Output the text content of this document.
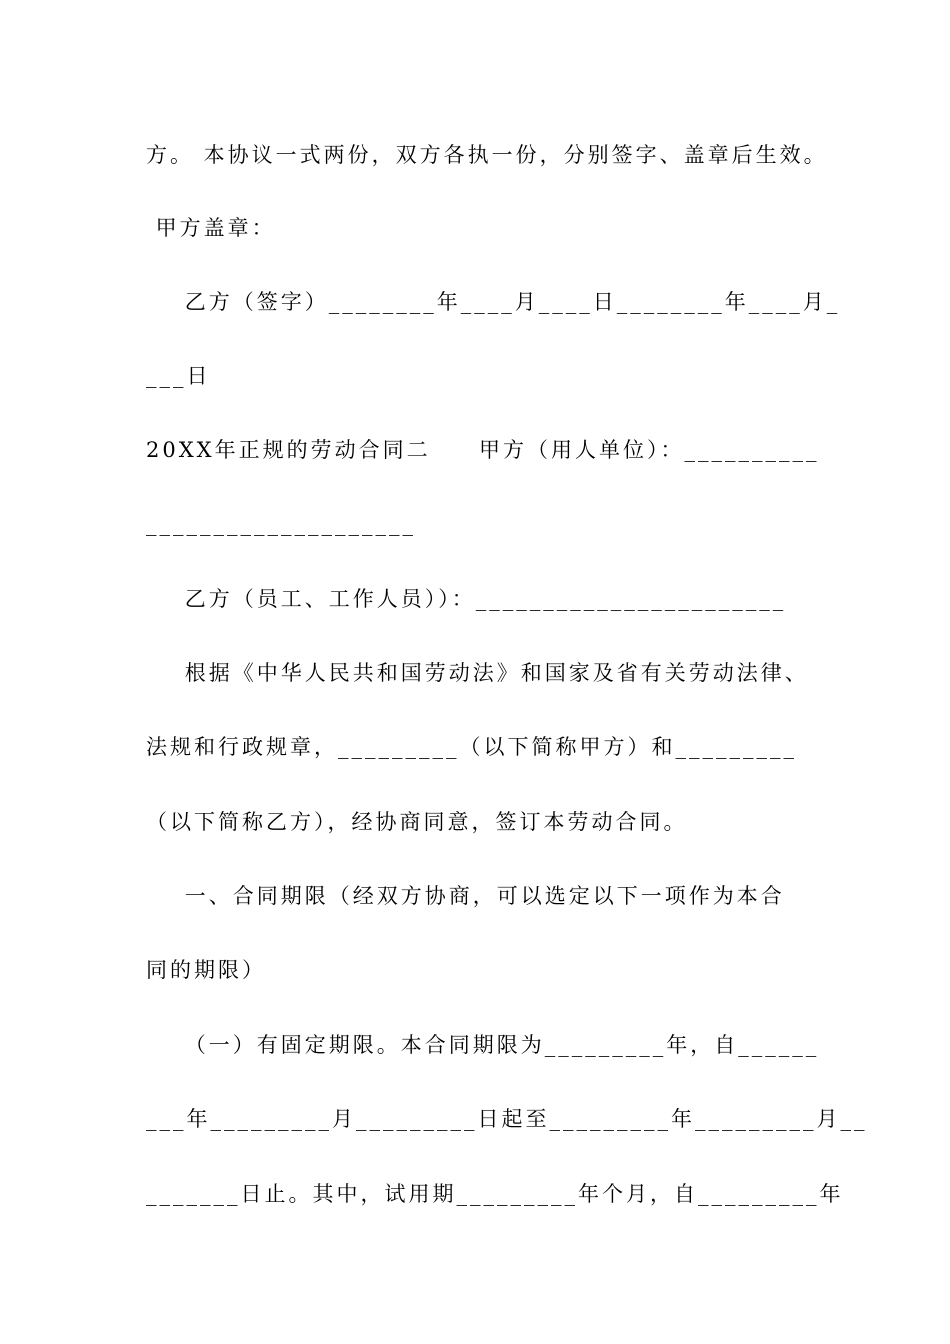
方。 本协议一式两份，双方各执一份，分别签字、盖章后生效。
甲方盖章：
乙方（签字）________年____月____日________年____月_
___日
20XX年正规的劳动合同二     甲方（用人单位）：__________
____________________
乙方（员工、工作人员））：_______________________
根据《中华人民共和国劳动法》和国家及省有关劳动法律、
法规和行政规章，_________（以下简称甲方）和_________
（以下简称乙方），经协商同意，签订本劳动合同。
一、合同期限（经双方协商，可以选定以下一项作为本合
同的期限）
（一）有固定期限。本合同期限为_________年，自______
___年_________月_________日起至_________年_________月__
_______日止。其中，试用期_________年个月，自_________年
